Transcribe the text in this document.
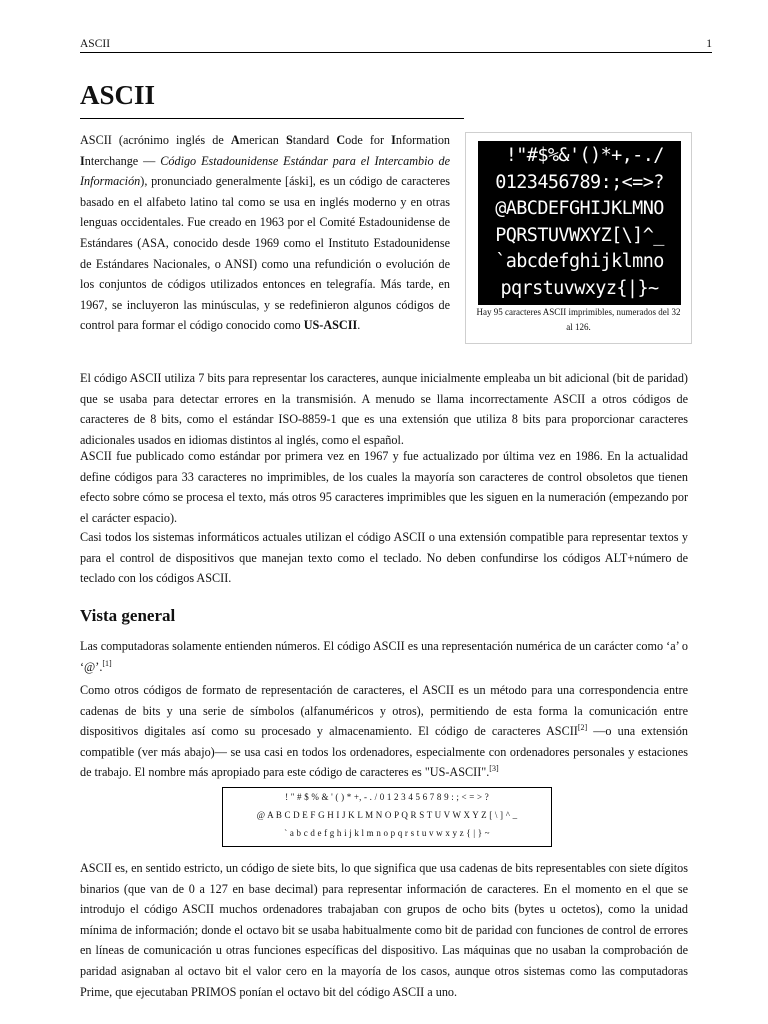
ASCII	1
ASCII

ASCII (acrónimo inglés de American Standard Code for Information Interchange — Código Estadounidense Estándar para el Intercambio de Información), pronunciado generalmente [áski], es un código de caracteres basado en el alfabeto latino tal como se usa en inglés moderno y en otras lenguas occidentales. Fue creado en 1963 por el Comité Estadounidense de Estándares (ASA, conocido desde 1969 como el Instituto Estadounidense de Estándares Nacionales, o ANSI) como una refundición o evolución de los conjuntos de códigos utilizados entonces en telegrafía. Más tarde, en 1967, se incluyeron las minúsculas, y se redefinieron algunos códigos de control para formar el código conocido como US-ASCII.

!"#$%&'()*+,-./
0123456789:;<=>?
@ABCDEFGHIJKLMNO
PQRSTUVWXYZ[\]^_
`abcdefghijklmno
pqrstuvwxyz{|}~
Hay 95 caracteres ASCII imprimibles, numerados del 32 al 126.

El código ASCII utiliza 7 bits para representar los caracteres, aunque inicialmente empleaba un bit adicional (bit de paridad) que se usaba para detectar errores en la transmisión. A menudo se llama incorrectamente ASCII a otros códigos de caracteres de 8 bits, como el estándar ISO-8859-1 que es una extensión que utiliza 8 bits para proporcionar caracteres adicionales usados en idiomas distintos al inglés, como el español.

ASCII fue publicado como estándar por primera vez en 1967 y fue actualizado por última vez en 1986. En la actualidad define códigos para 33 caracteres no imprimibles, de los cuales la mayoría son caracteres de control obsoletos que tienen efecto sobre cómo se procesa el texto, más otros 95 caracteres imprimibles que les siguen en la numeración (empezando por el carácter espacio).

Casi todos los sistemas informáticos actuales utilizan el código ASCII o una extensión compatible para representar textos y para el control de dispositivos que manejan texto como el teclado. No deben confundirse los códigos ALT+número de teclado con los códigos ASCII.

Vista general

Las computadoras solamente entienden números. El código ASCII es una representación numérica de un carácter como ‘a’ o ‘@’.[1]

Como otros códigos de formato de representación de caracteres, el ASCII es un método para una correspondencia entre cadenas de bits y una serie de símbolos (alfanuméricos y otros), permitiendo de esta forma la comunicación entre dispositivos digitales así como su procesado y almacenamiento. El código de caracteres ASCII[2] —o una extensión compatible (ver más abajo)— se usa casi en todos los ordenadores, especialmente con ordenadores personales y estaciones de trabajo. El nombre más apropiado para este código de caracteres es "US-ASCII".[3]

! " # $ % & ' ( ) * +, - . / 0 1 2 3 4 5 6 7 8 9 : ; < = > ?
@ A B C D E F G H I J K L M N O P Q R S T U V W X Y Z [ \ ] ^ _
` a b c d e f g h i j k l m n o p q r s t u v w x y z { | } ~

ASCII es, en sentido estricto, un código de siete bits, lo que significa que usa cadenas de bits representables con siete dígitos binarios (que van de 0 a 127 en base decimal) para representar información de caracteres. En el momento en el que se introdujo el código ASCII muchos ordenadores trabajaban con grupos de ocho bits (bytes u octetos), como la unidad mínima de información; donde el octavo bit se usaba habitualmente como bit de paridad con funciones de control de errores en líneas de comunicación u otras funciones específicas del dispositivo. Las máquinas que no usaban la comprobación de paridad asignaban al octavo bit el valor cero en la mayoría de los casos, aunque otros sistemas como las computadoras Prime, que ejecutaban PRIMOS ponían el octavo bit del código ASCII a uno.
